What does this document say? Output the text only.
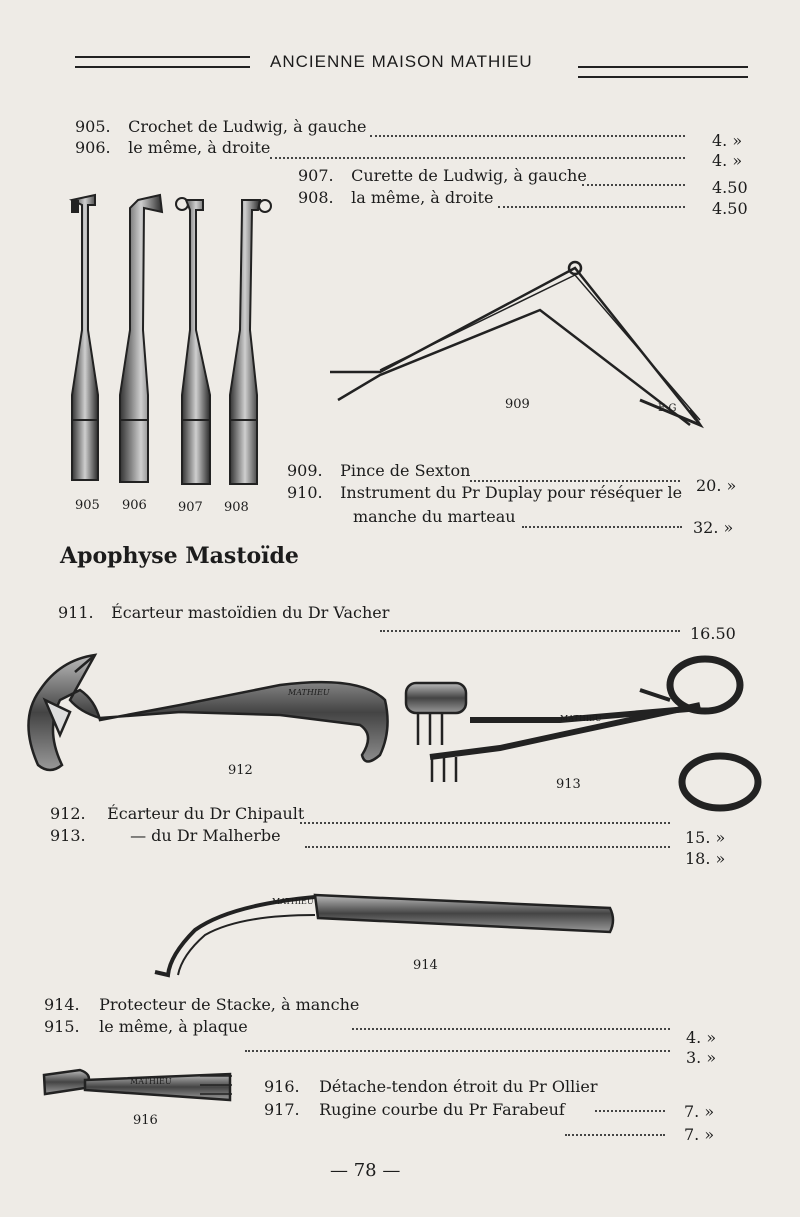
ANCIENNE MAISON MATHIEU
E.G
MATHIEU
MATHIEU
MATHIEU
MATHIEU
905. Crochet de Ludwig, à gauche
4. »
906. le même, à droite
4. »
907. Curette de Ludwig, à gauche
4.50
908. la même, à droite
4.50
905 906 907 908
909
909. Pince de Sexton
20. »
910. Instrument du Pr Duplay pour réséquer le
manche du marteau
32. »
Apophyse Mastoïde
911. Écarteur mastoïdien du Dr Vacher
16.50
912
913
912. Écarteur du Dr Chipault
15. »
913.	— du Dr Malherbe
18. »
914
914. Protecteur de Stacke, à manche
4. »
915. le même, à plaque
3. »
916
916. Détache-tendon étroit du Pr Ollier
7. »
917. Rugine courbe du Pr Farabeuf
7. »
— 78 —
